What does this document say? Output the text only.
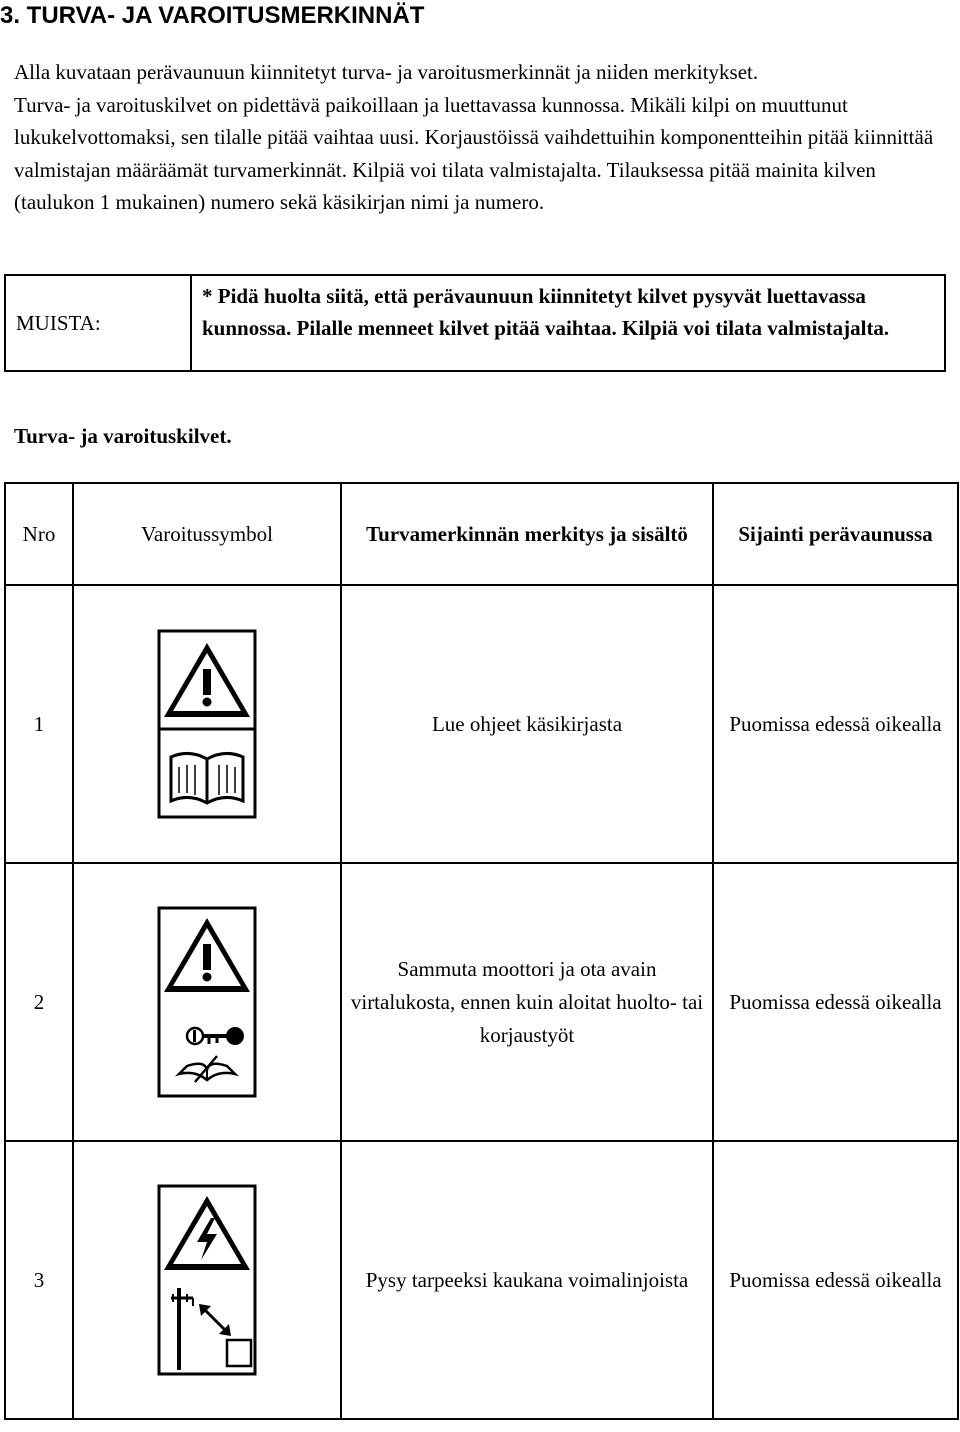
3. TURVA- JA VAROITUSMERKINNÄT

Alla kuvataan perävaunuun kiinnitetyt turva- ja varoitusmerkinnät ja niiden merkitykset.

Turva- ja varoituskilvet on pidettävä paikoillaan ja luettavassa kunnossa. Mikäli kilpi on muuttunut lukukelvottomaksi, sen tilalle pitää vaihtaa uusi. Korjaustöissä vaihdettuihin komponentteihin pitää kiinnittää valmistajan määräämät turvamerkinnät. Kilpiä voi tilata valmistajalta. Tilauksessa pitää mainita kilven (taulukon 1 mukainen) numero sekä käsikirjan nimi ja numero.

MUISTA:
* Pidä huolta siitä, että perävaunuun kiinnitetyt kilvet pysyvät luettavassa kunnossa. Pilalle menneet kilvet pitää vaihtaa. Kilpiä voi tilata valmistajalta.
Turva- ja varoituskilvet.
Nro	Varoitussymbol	Turvamerkinnän merkitys ja sisältö	Sijainti perävaunussa
1		Lue ohjeet käsikirjasta	Puomissa edessä oikealla
2		Sammuta moottori ja ota avain virtalukosta, ennen kuin aloitat huolto- tai korjaustyöt	Puomissa edessä oikealla
3		Pysy tarpeeksi kaukana voimalinjoista	Puomissa edessä oikealla
